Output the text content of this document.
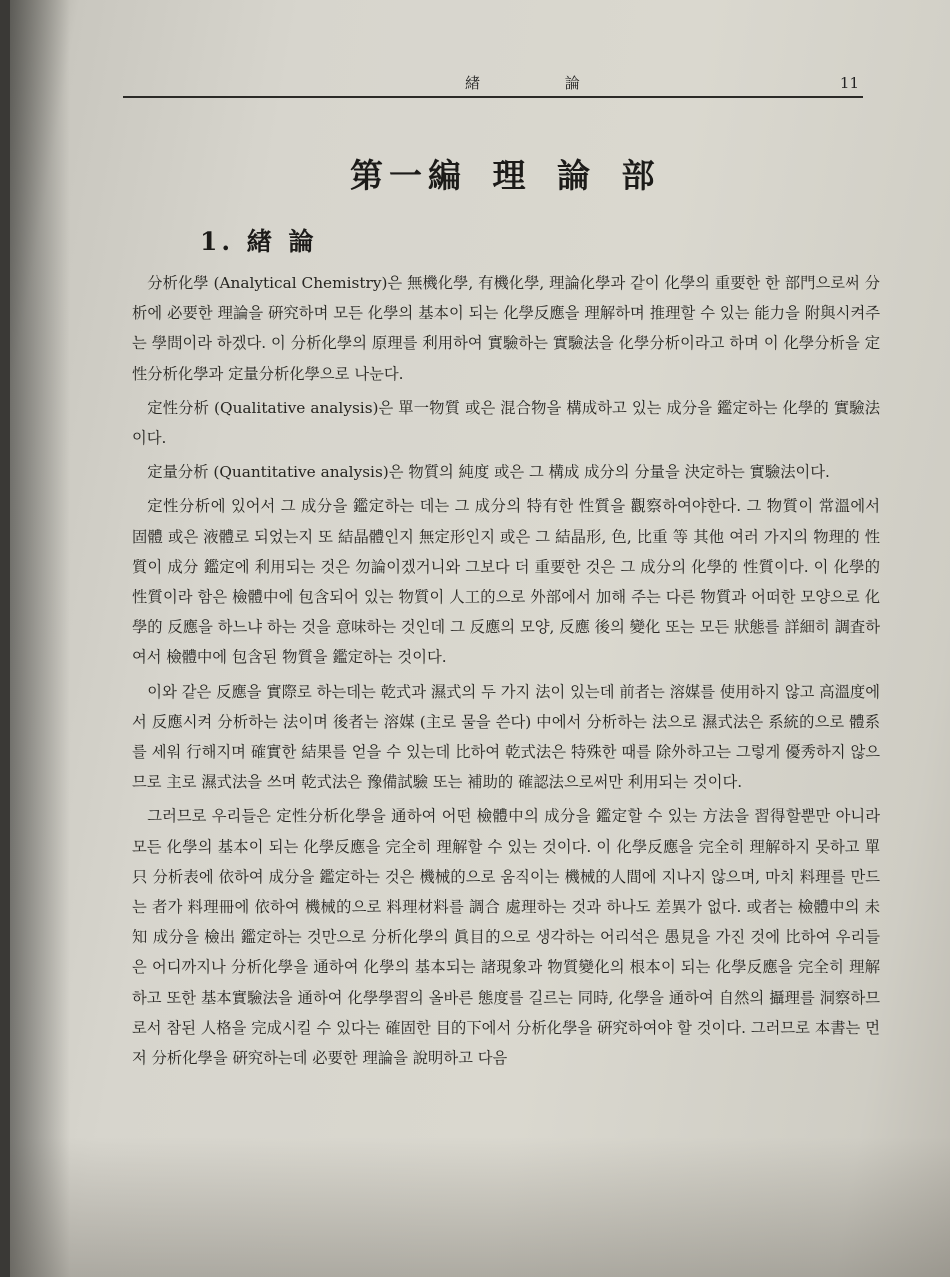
緖 論	11
第一編 理 論 部
1. 緖 論

分析化學 (Analytical Chemistry)은 無機化學, 有機化學, 理論化學과 같이 化學의 重要한 한 部門으로써 分析에 必要한 理論을 硏究하며 모든 化學의 基本이 되는 化學反應을 理解하며 推理할 수 있는 能力을 附與시켜주는 學問이라 하겠다. 이 分析化學의 原理를 利用하여 實驗하는 實驗法을 化學分析이라고 하며 이 化學分析을 定性分析化學과 定量分析化學으로 나눈다.

定性分析 (Qualitative analysis)은 單一物質 或은 混合物을 構成하고 있는 成分을 鑑定하는 化學的 實驗法이다.

定量分析 (Quantitative analysis)은 物質의 純度 或은 그 構成 成分의 分量을 決定하는 實驗法이다.

定性分析에 있어서 그 成分을 鑑定하는 데는 그 成分의 特有한 性質을 觀察하여야한다. 그 物質이 常溫에서 固體 或은 液體로 되었는지 또 結晶體인지 無定形인지 或은 그 結晶形, 色, 比重 等 其他 여러 가지의 物理的 性質이 成分 鑑定에 利用되는 것은 勿論이겠거니와 그보다 더 重要한 것은 그 成分의 化學的 性質이다. 이 化學的 性質이라 함은 檢體中에 包含되어 있는 物質이 人工的으로 外部에서 加해 주는 다른 物質과 어떠한 모양으로 化學的 反應을 하느냐 하는 것을 意味하는 것인데 그 反應의 모양, 反應 後의 變化 또는 모든 狀態를 詳細히 調査하여서 檢體中에 包含된 物質을 鑑定하는 것이다.

이와 같은 反應을 實際로 하는데는 乾式과 濕式의 두 가지 法이 있는데 前者는 溶媒를 使用하지 않고 高溫度에서 反應시켜 分析하는 法이며 後者는 溶媒 (主로 물을 쓴다) 中에서 分析하는 法으로 濕式法은 系統的으로 體系를 세워 行해지며 確實한 結果를 얻을 수 있는데 比하여 乾式法은 特殊한 때를 除外하고는 그렇게 優秀하지 않으므로 主로 濕式法을 쓰며 乾式法은 豫備試驗 또는 補助的 確認法으로써만 利用되는 것이다.

그러므로 우리들은 定性分析化學을 通하여 어떤 檢體中의 成分을 鑑定할 수 있는 方法을 習得할뿐만 아니라 모든 化學의 基本이 되는 化學反應을 完全히 理解할 수 있는 것이다. 이 化學反應을 完全히 理解하지 못하고 單只 分析表에 依하여 成分을 鑑定하는 것은 機械的으로 움직이는 機械的人間에 지나지 않으며, 마치 料理를 만드는 者가 料理冊에 依하여 機械的으로 料理材料를 調合 處理하는 것과 하나도 差異가 없다. 或者는 檢體中의 未知 成分을 檢出 鑑定하는 것만으로 分析化學의 眞目的으로 생각하는 어리석은 愚見을 가진 것에 比하여 우리들은 어디까지나 分析化學을 通하여 化學의 基本되는 諸現象과 物質變化의 根本이 되는 化學反應을 完全히 理解하고 또한 基本實驗法을 通하여 化學學習의 올바른 態度를 길르는 同時, 化學을 通하여 自然의 攝理를 洞察하므로서 참된 人格을 完成시킬 수 있다는 確固한 目的下에서 分析化學을 硏究하여야 할 것이다. 그러므로 本書는 먼저 分析化學을 硏究하는데 必要한 理論을 說明하고 다음
